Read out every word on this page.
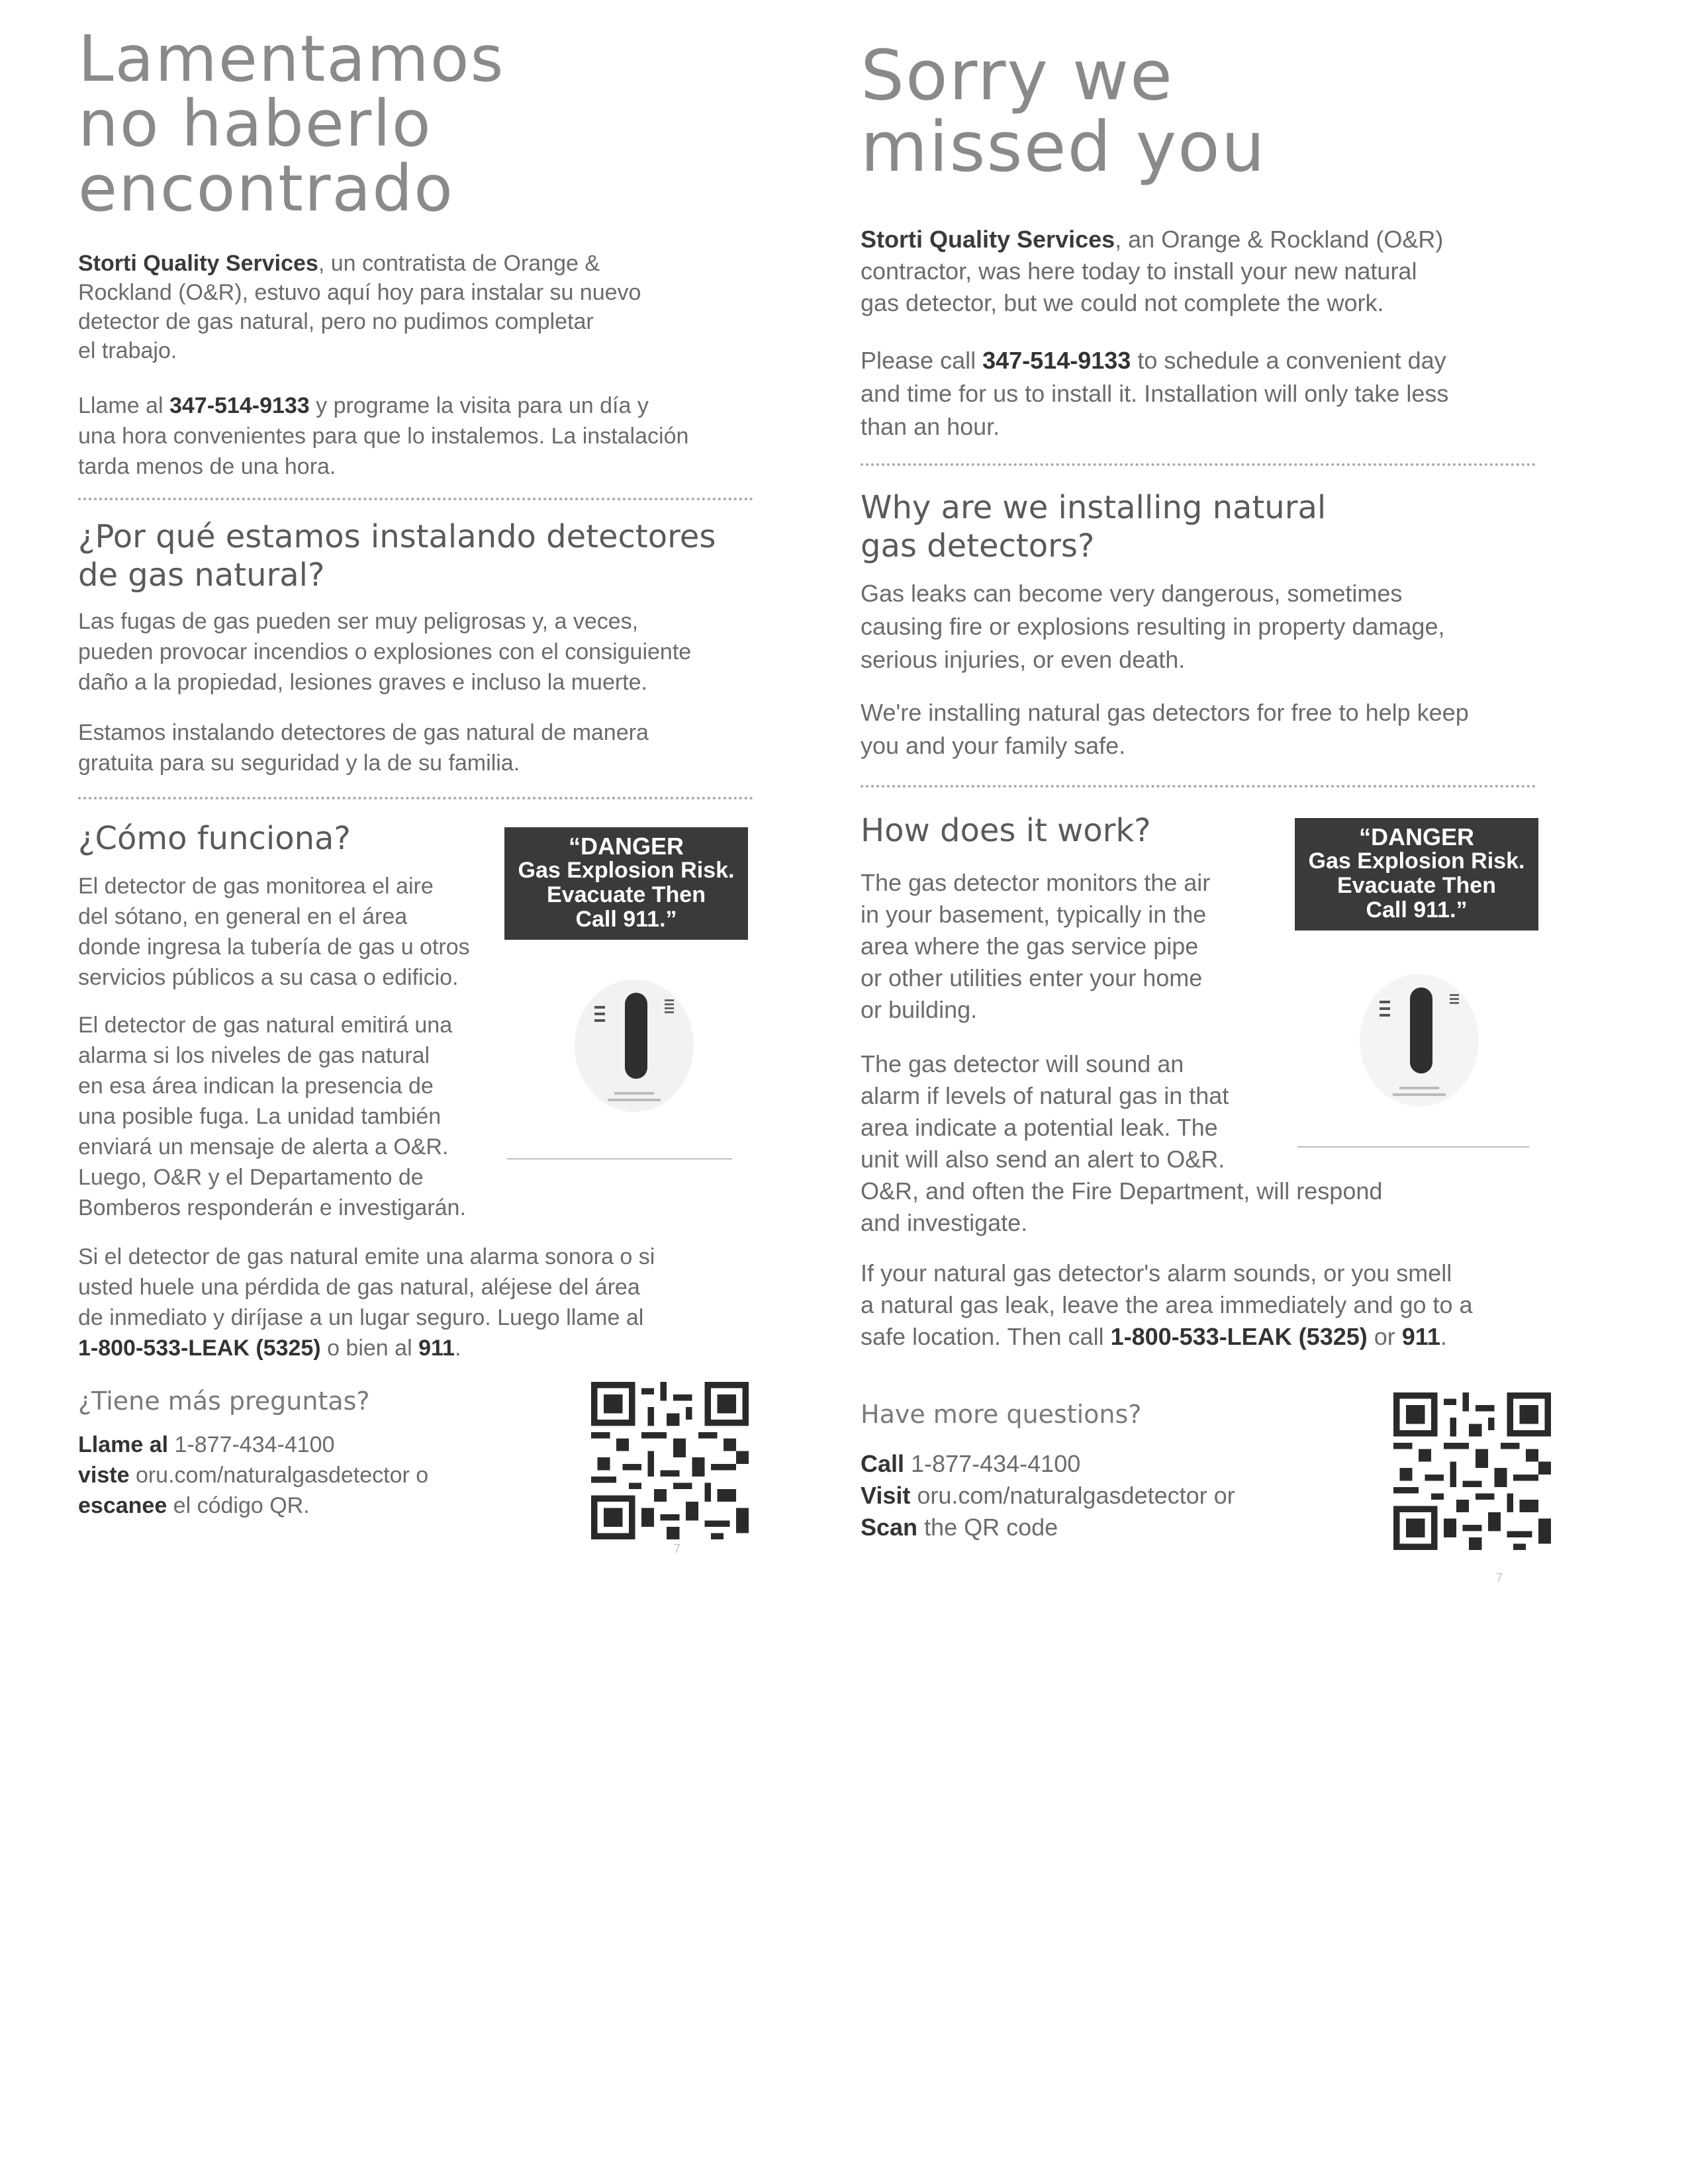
Lamentamos
no haberlo
encontrado

Storti Quality Services, un contratista de Orange &

Rockland (O&R), estuvo aquí hoy para instalar su nuevo

detector de gas natural, pero no pudimos completar

el trabajo.

Llame al 347-514-9133 y programe la visita para un día y

una hora convenientes para que lo instalemos. La instalación

tarda menos de una hora.

¿Por qué estamos instalando detectores
de gas natural?

Las fugas de gas pueden ser muy peligrosas y, a veces,

pueden provocar incendios o explosiones con el consiguiente

daño a la propiedad, lesiones graves e incluso la muerte.

Estamos instalando detectores de gas natural de manera

gratuita para su seguridad y la de su familia.

¿Cómo funciona?

El detector de gas monitorea el aire

del sótano, en general en el área

donde ingresa la tubería de gas u otros

servicios públicos a su casa o edificio.

El detector de gas natural emitirá una

alarma si los niveles de gas natural

en esa área indican la presencia de

una posible fuga. La unidad también

enviará un mensaje de alerta a O&R.

Luego, O&R y el Departamento de

Bomberos responderán e investigarán.

“DANGER
Gas Explosion Risk.
Evacuate Then
Call 911.”

Si el detector de gas natural emite una alarma sonora o si

usted huele una pérdida de gas natural, aléjese del área

de inmediato y diríjase a un lugar seguro. Luego llame al

1-800-533-LEAK (5325) o bien al 911.

¿Tiene más preguntas?

Llame al 1-877-434-4100

viste oru.com/naturalgasdetector o

escanee el código QR.

7
Sorry we
missed you

Storti Quality Services, an Orange & Rockland (O&R)

contractor, was here today to install your new natural

gas detector, but we could not complete the work.

Please call 347-514-9133 to schedule a convenient day

and time for us to install it. Installation will only take less

than an hour.

Why are we installing natural
gas detectors?

Gas leaks can become very dangerous, sometimes

causing fire or explosions resulting in property damage,

serious injuries, or even death.

We're installing natural gas detectors for free to help keep

you and your family safe.

How does it work?

The gas detector monitors the air

in your basement, typically in the

area where the gas service pipe

or other utilities enter your home

or building.

The gas detector will sound an

alarm if levels of natural gas in that

area indicate a potential leak. The

unit will also send an alert to O&R.

O&R, and often the Fire Department, will respond

and investigate.

“DANGER
Gas Explosion Risk.
Evacuate Then
Call 911.”

If your natural gas detector's alarm sounds, or you smell

a natural gas leak, leave the area immediately and go to a

safe location. Then call 1-800-533-LEAK (5325) or 911.

Have more questions?

Call 1-877-434-4100

Visit oru.com/naturalgasdetector or

Scan the QR code

7
